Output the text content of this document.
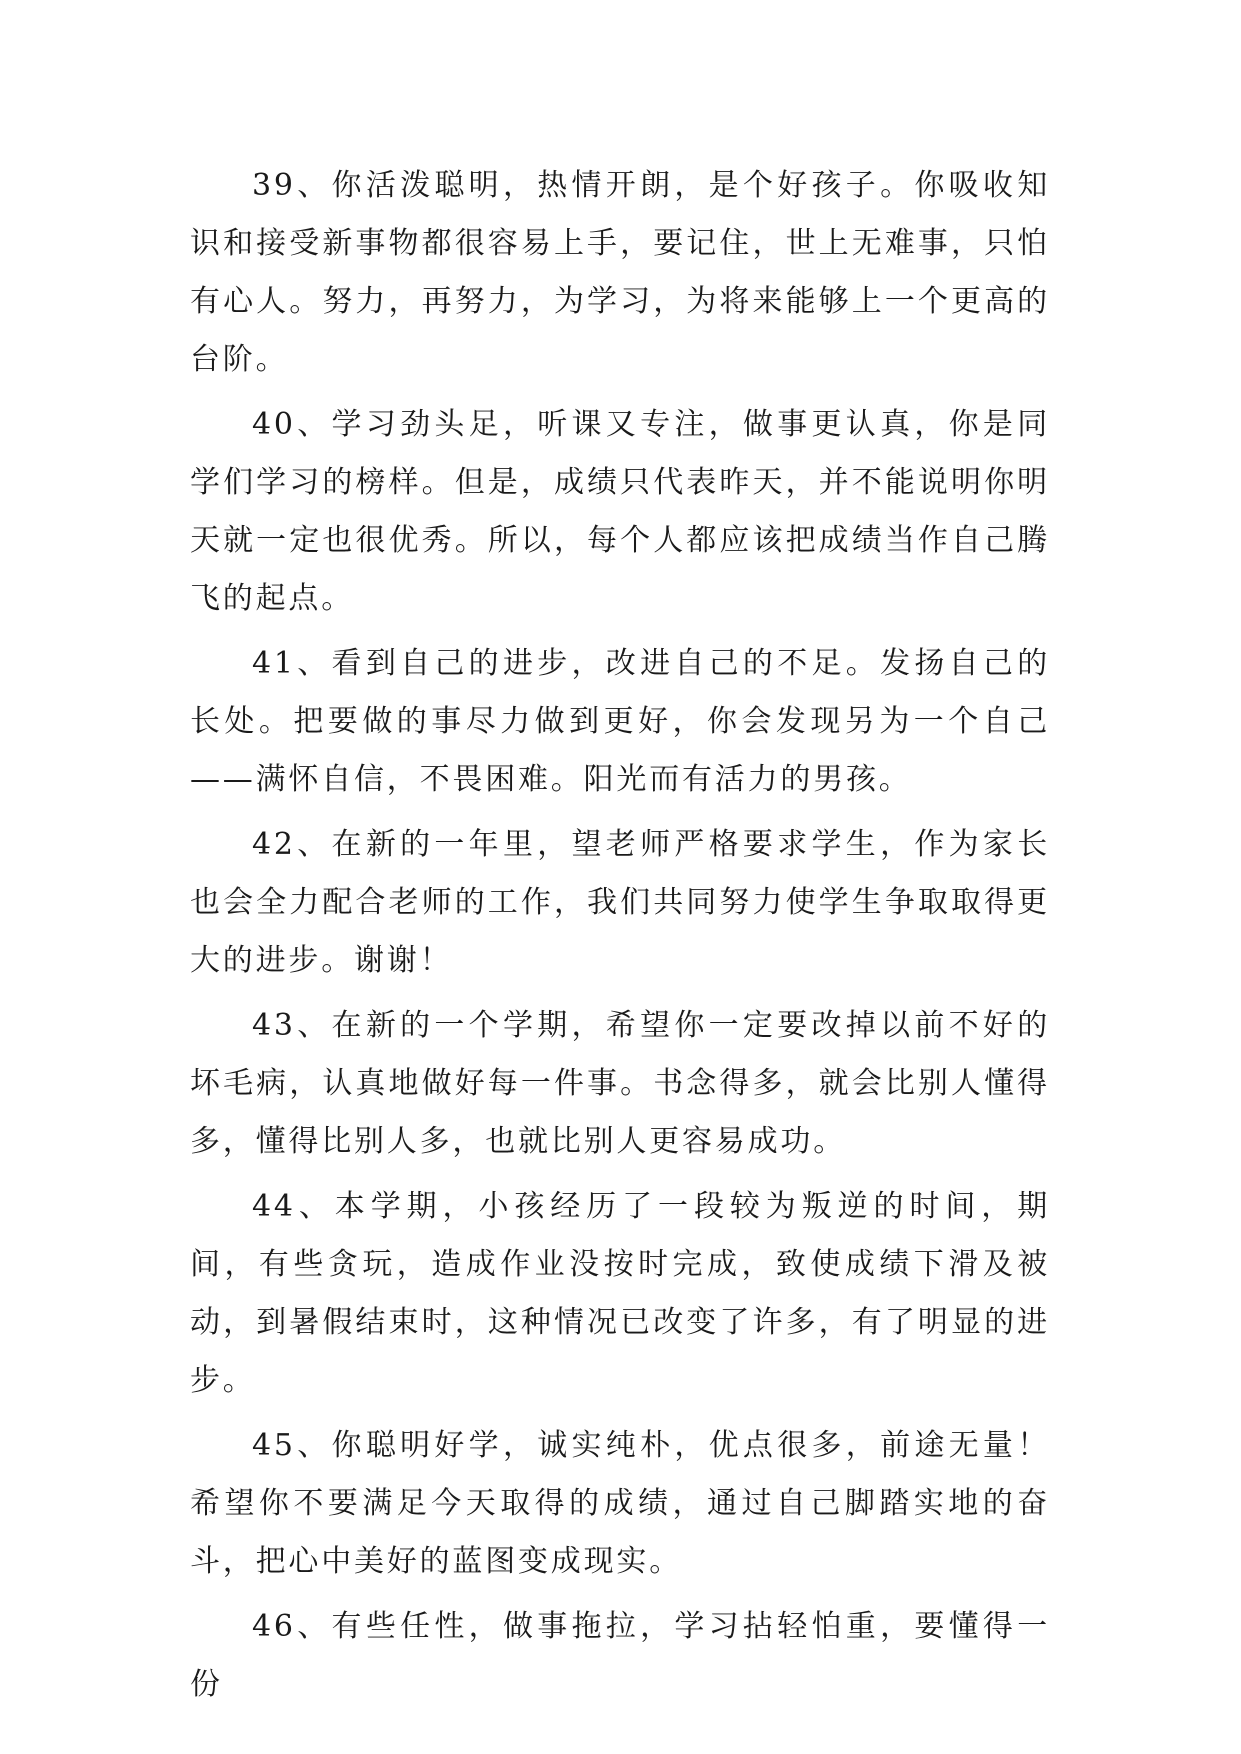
39、你活泼聪明，热情开朗，是个好孩子。你吸收知识和接受新事物都很容易上手，要记住，世上无难事，只怕有心人。努力，再努力，为学习，为将来能够上一个更高的台阶。

40、学习劲头足，听课又专注，做事更认真，你是同学们学习的榜样。但是，成绩只代表昨天，并不能说明你明天就一定也很优秀。所以，每个人都应该把成绩当作自己腾飞的起点。

41、看到自己的进步，改进自己的不足。发扬自己的长处。把要做的事尽力做到更好，你会发现另为一个自己——满怀自信，不畏困难。阳光而有活力的男孩。

42、在新的一年里，望老师严格要求学生，作为家长也会全力配合老师的工作，我们共同努力使学生争取取得更大的进步。谢谢！

43、在新的一个学期，希望你一定要改掉以前不好的坏毛病，认真地做好每一件事。书念得多，就会比别人懂得多，懂得比别人多，也就比别人更容易成功。

44、本学期，小孩经历了一段较为叛逆的时间，期间，有些贪玩，造成作业没按时完成，致使成绩下滑及被动，到暑假结束时，这种情况已改变了许多，有了明显的进步。

45、你聪明好学，诚实纯朴，优点很多，前途无量！希望你不要满足今天取得的成绩，通过自己脚踏实地的奋斗，把心中美好的蓝图变成现实。

46、有些任性，做事拖拉，学习拈轻怕重，要懂得一份
